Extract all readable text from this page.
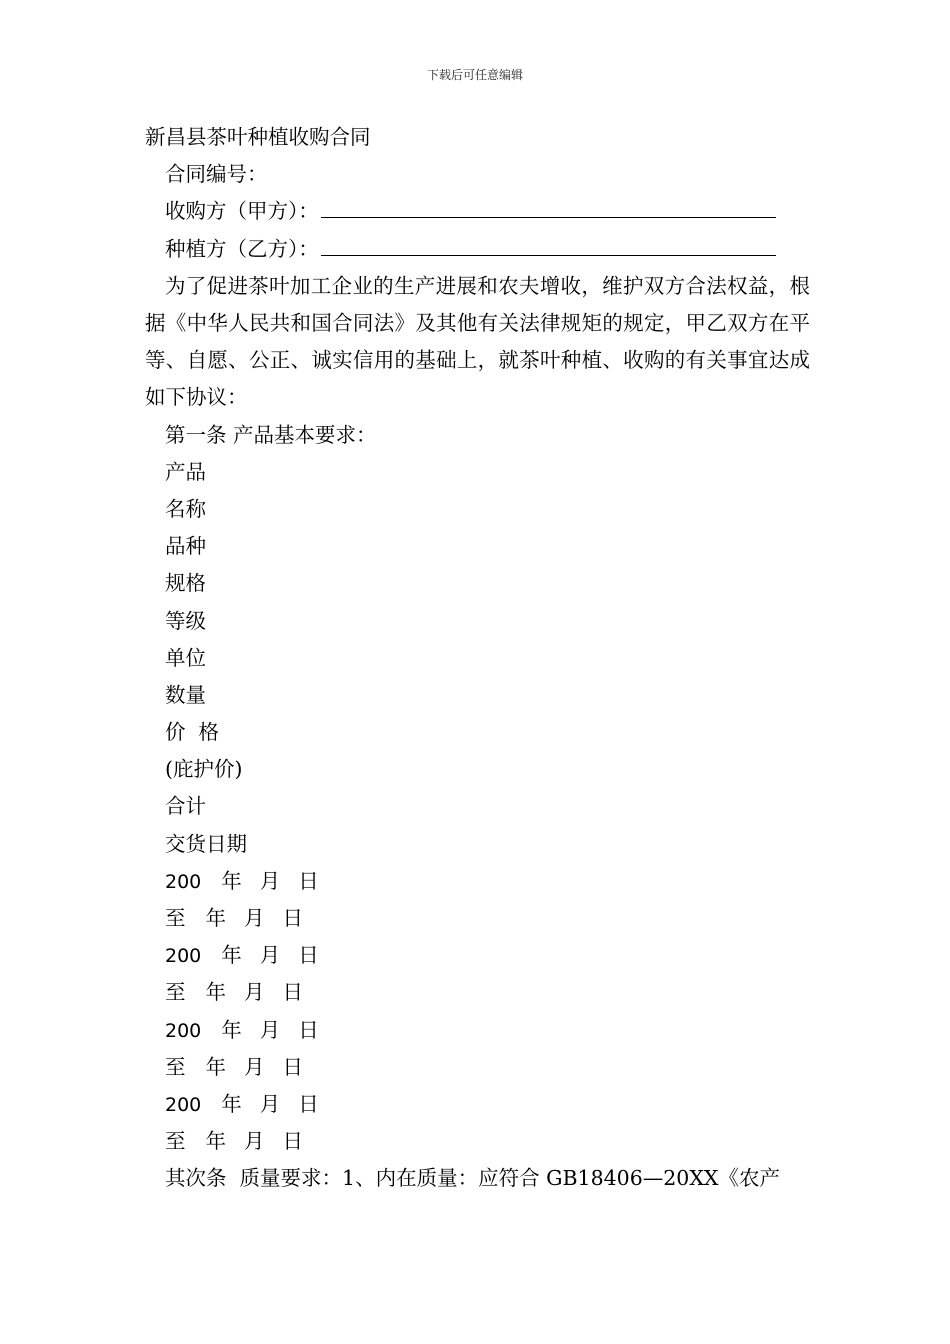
下载后可任意编辑
新昌县茶叶种植收购合同
合同编号：
收购方（甲方）：
种植方（乙方）：
为了促进茶叶加工企业的生产进展和农夫增收，维护双方合法权益，根据《中华人民共和国合同法》及其他有关法律规矩的规定，甲乙双方在平等、自愿、公正、诚实信用的基础上，就茶叶种植、收购的有关事宜达成如下协议：
第一条 产品基本要求：
产品
名称
品种
规格
等级
单位
数量
价  格
(庇护价)
合计
交货日期
200 年 月 日
至 年 月 日
200 年 月 日
至 年 月 日
200 年 月 日
至 年 月 日
200 年 月 日
至 年 月 日
其次条  质量要求：1、内在质量：应符合 GB18406—20XX《农产
